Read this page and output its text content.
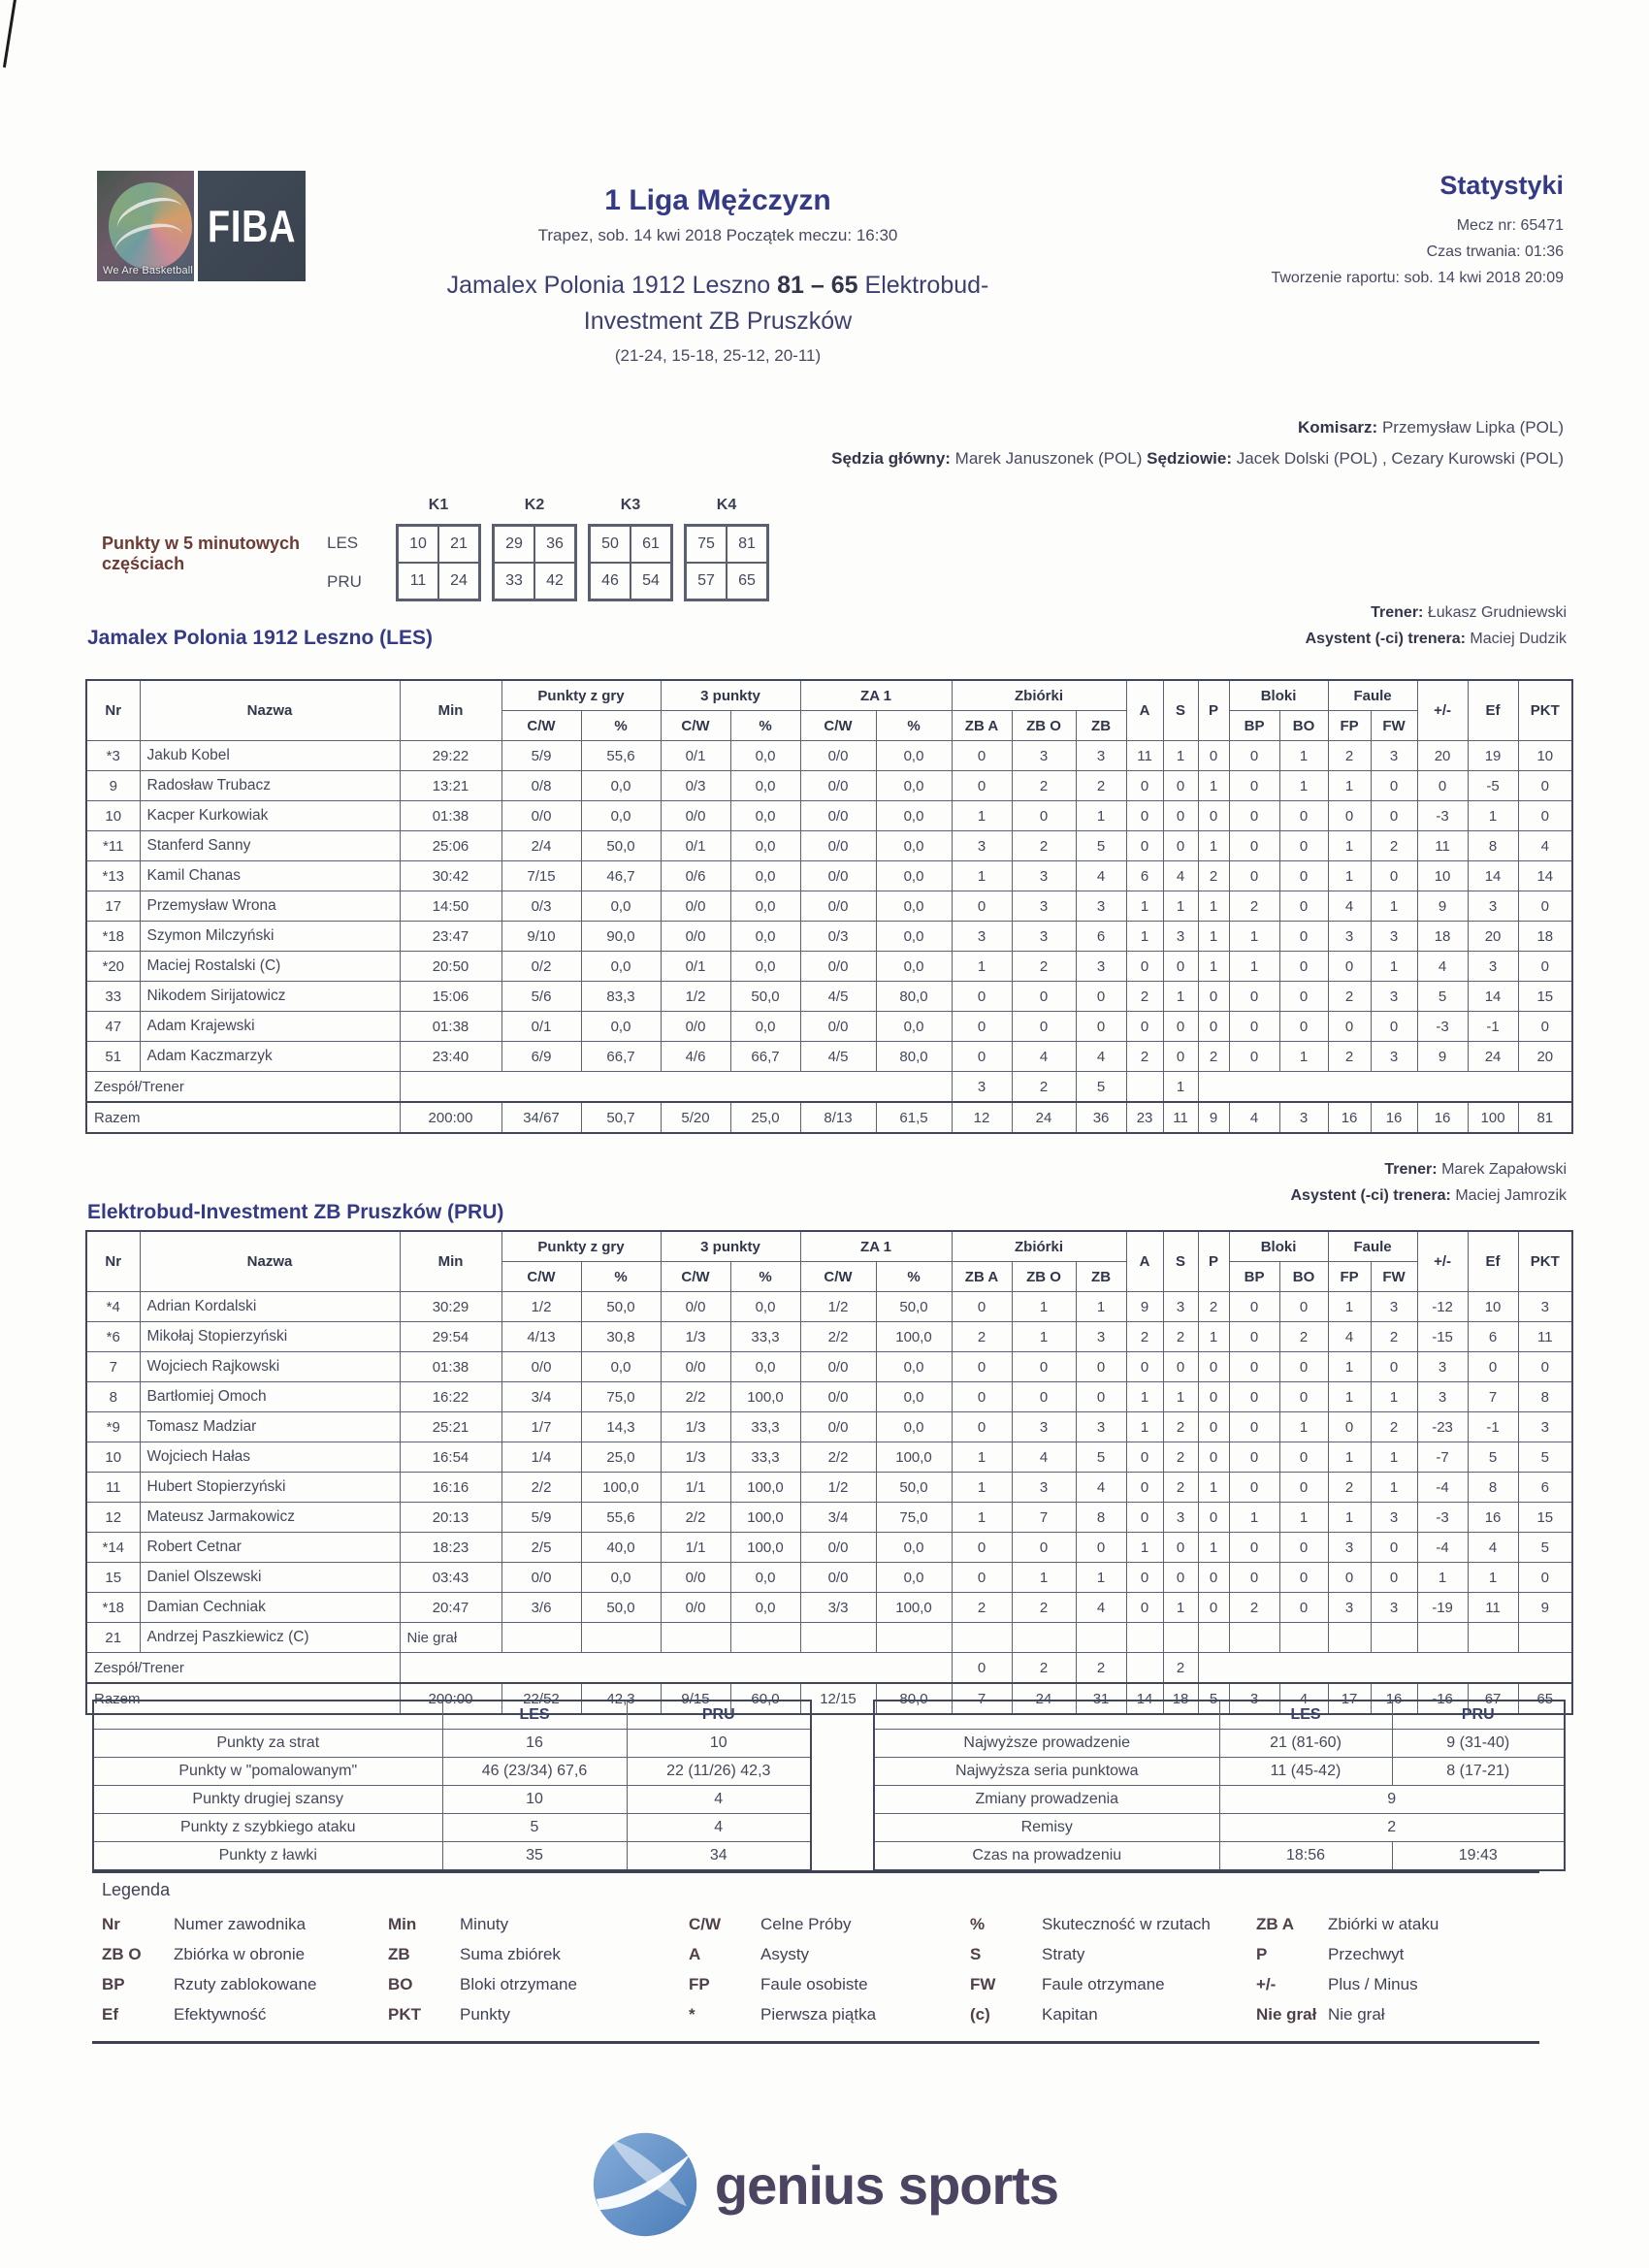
FIBA
We Are Basketball
1 Liga Mężczyzn
Trapez, sob. 14 kwi 2018 Początek meczu: 16:30
Jamalex Polonia 1912 Leszno 81 – 65 Elektrobud-
Investment ZB Pruszków
(21-24, 15-18, 25-12, 20-11)
Statystyki
Mecz nr: 65471
Czas trwania: 01:36
Tworzenie raportu: sob. 14 kwi 2018 20:09
Komisarz: Przemysław Lipka (POL)
Sędzia główny: Marek Januszonek (POL) Sędziowie: Jacek Dolski (POL) , Cezary Kurowski (POL)
Punkty w 5 minutowych częściach
LES
PRU
K1
10	21
11	24
K2
29	36
33	42
K3
50	61
46	54
K4
75	81
57	65
Jamalex Polonia 1912 Leszno (LES)
Trener: Łukasz Grudniewski
Asystent (-ci) trenera: Maciej Dudzik
Nr	Nazwa	Min	Punkty z gry		3 punkty		ZA 1		Zbiórki			A	S	P	Bloki		Faule		+/-	Ef	PKT
			C/W	%	C/W	%	C/W	%	ZB A	ZB O	ZB				BP	BO	FP	FW			
*3	Jakub Kobel	29:22	5/9	55,6	0/1	0,0	0/0	0,0	0	3	3	11	1	0	0	1	2	3	20	19	10
9	Radosław Trubacz	13:21	0/8	0,0	0/3	0,0	0/0	0,0	0	2	2	0	0	1	0	1	1	0	0	-5	0
10	Kacper Kurkowiak	01:38	0/0	0,0	0/0	0,0	0/0	0,0	1	0	1	0	0	0	0	0	0	0	-3	1	0
*11	Stanferd Sanny	25:06	2/4	50,0	0/1	0,0	0/0	0,0	3	2	5	0	0	1	0	0	1	2	11	8	4
*13	Kamil Chanas	30:42	7/15	46,7	0/6	0,0	0/0	0,0	1	3	4	6	4	2	0	0	1	0	10	14	14
17	Przemysław Wrona	14:50	0/3	0,0	0/0	0,0	0/0	0,0	0	3	3	1	1	1	2	0	4	1	9	3	0
*18	Szymon Milczyński	23:47	9/10	90,0	0/0	0,0	0/3	0,0	3	3	6	1	3	1	1	0	3	3	18	20	18
*20	Maciej Rostalski (C)	20:50	0/2	0,0	0/1	0,0	0/0	0,0	1	2	3	0	0	1	1	0	0	1	4	3	0
33	Nikodem Sirijatowicz	15:06	5/6	83,3	1/2	50,0	4/5	80,0	0	0	0	2	1	0	0	0	2	3	5	14	15
47	Adam Krajewski	01:38	0/1	0,0	0/0	0,0	0/0	0,0	0	0	0	0	0	0	0	0	0	0	-3	-1	0
51	Adam Kaczmarzyk	23:40	6/9	66,7	4/6	66,7	4/5	80,0	0	4	4	2	0	2	0	1	2	3	9	24	20
Zespół/Trener									3	2	5		1								
Razem		200:00	34/67	50,7	5/20	25,0	8/13	61,5	12	24	36	23	11	9	4	3	16	16	16	100	81
Elektrobud-Investment ZB Pruszków (PRU)
Trener: Marek Zapałowski
Asystent (-ci) trenera: Maciej Jamrozik
Nr	Nazwa	Min	Punkty z gry		3 punkty		ZA 1		Zbiórki			A	S	P	Bloki		Faule		+/-	Ef	PKT
			C/W	%	C/W	%	C/W	%	ZB A	ZB O	ZB				BP	BO	FP	FW			
*4	Adrian Kordalski	30:29	1/2	50,0	0/0	0,0	1/2	50,0	0	1	1	9	3	2	0	0	1	3	-12	10	3
*6	Mikołaj Stopierzyński	29:54	4/13	30,8	1/3	33,3	2/2	100,0	2	1	3	2	2	1	0	2	4	2	-15	6	11
7	Wojciech Rajkowski	01:38	0/0	0,0	0/0	0,0	0/0	0,0	0	0	0	0	0	0	0	0	1	0	3	0	0
8	Bartłomiej Omoch	16:22	3/4	75,0	2/2	100,0	0/0	0,0	0	0	0	1	1	0	0	0	1	1	3	7	8
*9	Tomasz Madziar	25:21	1/7	14,3	1/3	33,3	0/0	0,0	0	3	3	1	2	0	0	1	0	2	-23	-1	3
10	Wojciech Hałas	16:54	1/4	25,0	1/3	33,3	2/2	100,0	1	4	5	0	2	0	0	0	1	1	-7	5	5
11	Hubert Stopierzyński	16:16	2/2	100,0	1/1	100,0	1/2	50,0	1	3	4	0	2	1	0	0	2	1	-4	8	6
12	Mateusz Jarmakowicz	20:13	5/9	55,6	2/2	100,0	3/4	75,0	1	7	8	0	3	0	1	1	1	3	-3	16	15
*14	Robert Cetnar	18:23	2/5	40,0	1/1	100,0	0/0	0,0	0	0	0	1	0	1	0	0	3	0	-4	4	5
15	Daniel Olszewski	03:43	0/0	0,0	0/0	0,0	0/0	0,0	0	1	1	0	0	0	0	0	0	0	1	1	0
*18	Damian Cechniak	20:47	3/6	50,0	0/0	0,0	3/3	100,0	2	2	4	0	1	0	2	0	3	3	-19	11	9
21	Andrzej Paszkiewicz (C)	Nie grał																			
Zespół/Trener									0	2	2		2								
Razem		200:00	22/52	42,3	9/15	60,0	12/15	80,0	7	24	31	14	18	5	3	4	17	16	-16	67	65
	LES	PRU
Punkty za strat	16	10
Punkty w "pomalowanym"	46 (23/34) 67,6	22 (11/26) 42,3
Punkty drugiej szansy	10	4
Punkty z szybkiego ataku	5	4
Punkty z ławki	35	34
	LES	PRU
Najwyższe prowadzenie	21 (81-60)	9 (31-40)
Najwyższa seria punktowa	11 (45-42)	8 (17-21)
Zmiany prowadzenia	9	
Remisy	2	
Czas na prowadzeniu	18:56	19:43
Legenda
Nr	Numer zawodnika	Min	Minuty	C/W Celne Próby	%	Skuteczność w rzutach	ZB A Zbiórki w ataku
ZB O Zbiórka w obronie	ZB	Suma zbiórek	A	Asysty	S	Straty	P	Przechwyt
BP	Rzuty zablokowane	BO	Bloki otrzymane	FP	Faule osobiste	FW	Faule otrzymane	+/-	Plus / Minus
Ef	Efektywność	PKT Punkty	*	Pierwsza piątka	(c)	Kapitan	Nie grał Nie grał
genius sports
